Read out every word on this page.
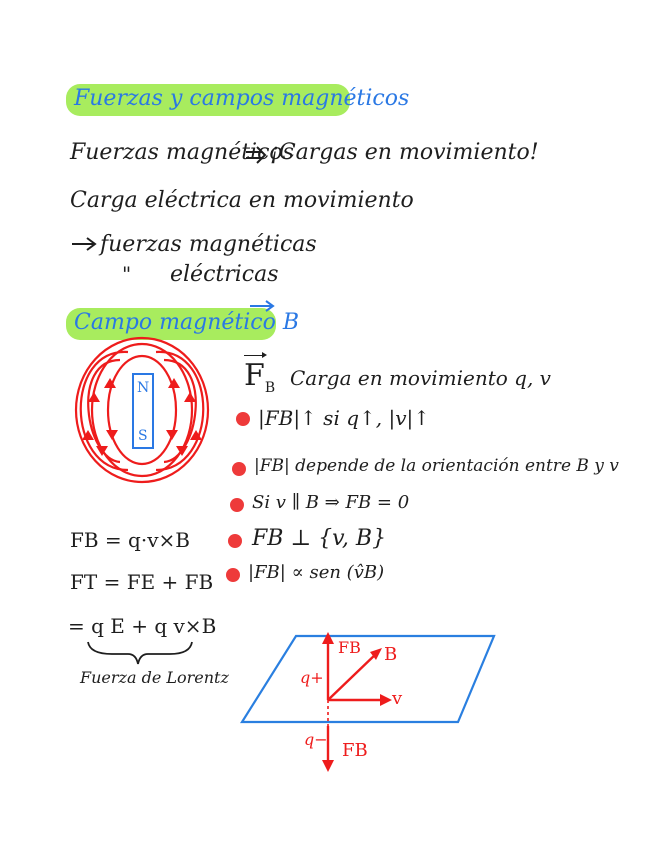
Fuerzas y campos magnéticos
Fuerzas magnéticos
¡Cargas en movimiento!
Carga eléctrica en movimiento
fuerzas magnéticas
" eléctricas
Campo magnético B
N
S
$F_B$ Carga en movimiento q, v
|FB|↑ si q↑, |v|↑
|FB| depende de la orientación entre B y v
Si v ∥ B ⇒ FB = 0
FB ⊥ {v, B}
|FB| ∝ sen (v̂B)
FB = q·v×B
FT = FE + FB
= q E + q v×B
Fuerza de Lorentz
FB B
q+
v
q−
FB
